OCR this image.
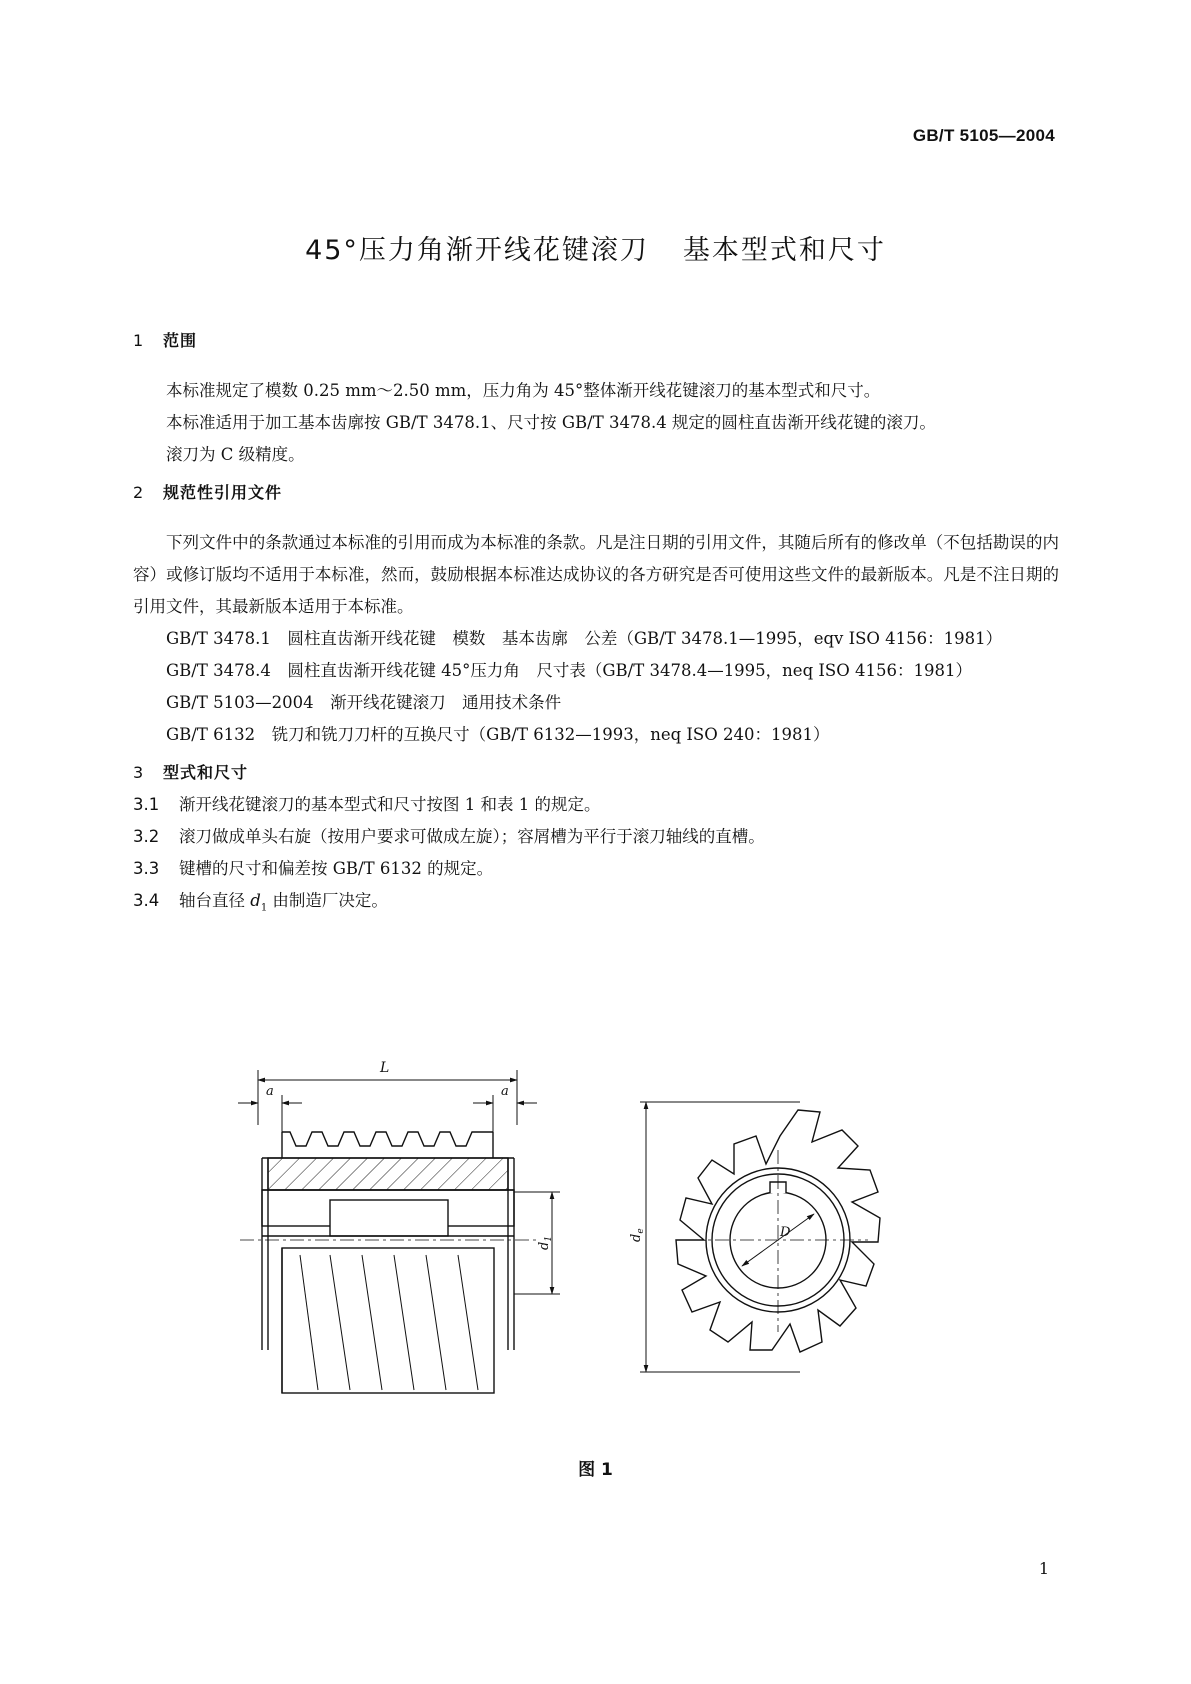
GB/T 5105—2004
45°压力角渐开线花键滚刀 基本型式和尺寸
1 范围

本标准规定了模数 0.25 mm～2.50 mm，压力角为 45°整体渐开线花键滚刀的基本型式和尺寸。

本标准适用于加工基本齿廓按 GB/T 3478.1、尺寸按 GB/T 3478.4 规定的圆柱直齿渐开线花键的滚刀。

滚刀为 C 级精度。

2 规范性引用文件

下列文件中的条款通过本标准的引用而成为本标准的条款。凡是注日期的引用文件，其随后所有的修改单（不包括勘误的内容）或修订版均不适用于本标准，然而，鼓励根据本标准达成协议的各方研究是否可使用这些文件的最新版本。凡是不注日期的引用文件，其最新版本适用于本标准。

GB/T 3478.1　圆柱直齿渐开线花键　模数　基本齿廓　公差（GB/T 3478.1—1995，eqv ISO 4156：1981）

GB/T 3478.4　圆柱直齿渐开线花键 45°压力角　尺寸表（GB/T 3478.4—1995，neq ISO 4156：1981）

GB/T 5103—2004　渐开线花键滚刀　通用技术条件

GB/T 6132　铣刀和铣刀刀杆的互换尺寸（GB/T 6132—1993，neq ISO 240：1981）

3 型式和尺寸

3.1 渐开线花键滚刀的基本型式和尺寸按图 1 和表 1 的规定。

3.2 滚刀做成单头右旋（按用户要求可做成左旋）；容屑槽为平行于滚刀轴线的直槽。

3.3 键槽的尺寸和偏差按 GB/T 6132 的规定。

3.4 轴台直径 $d_1$ 由制造厂决定。

L
a	a
$d_1$	$d_e$	D
图 1
1
